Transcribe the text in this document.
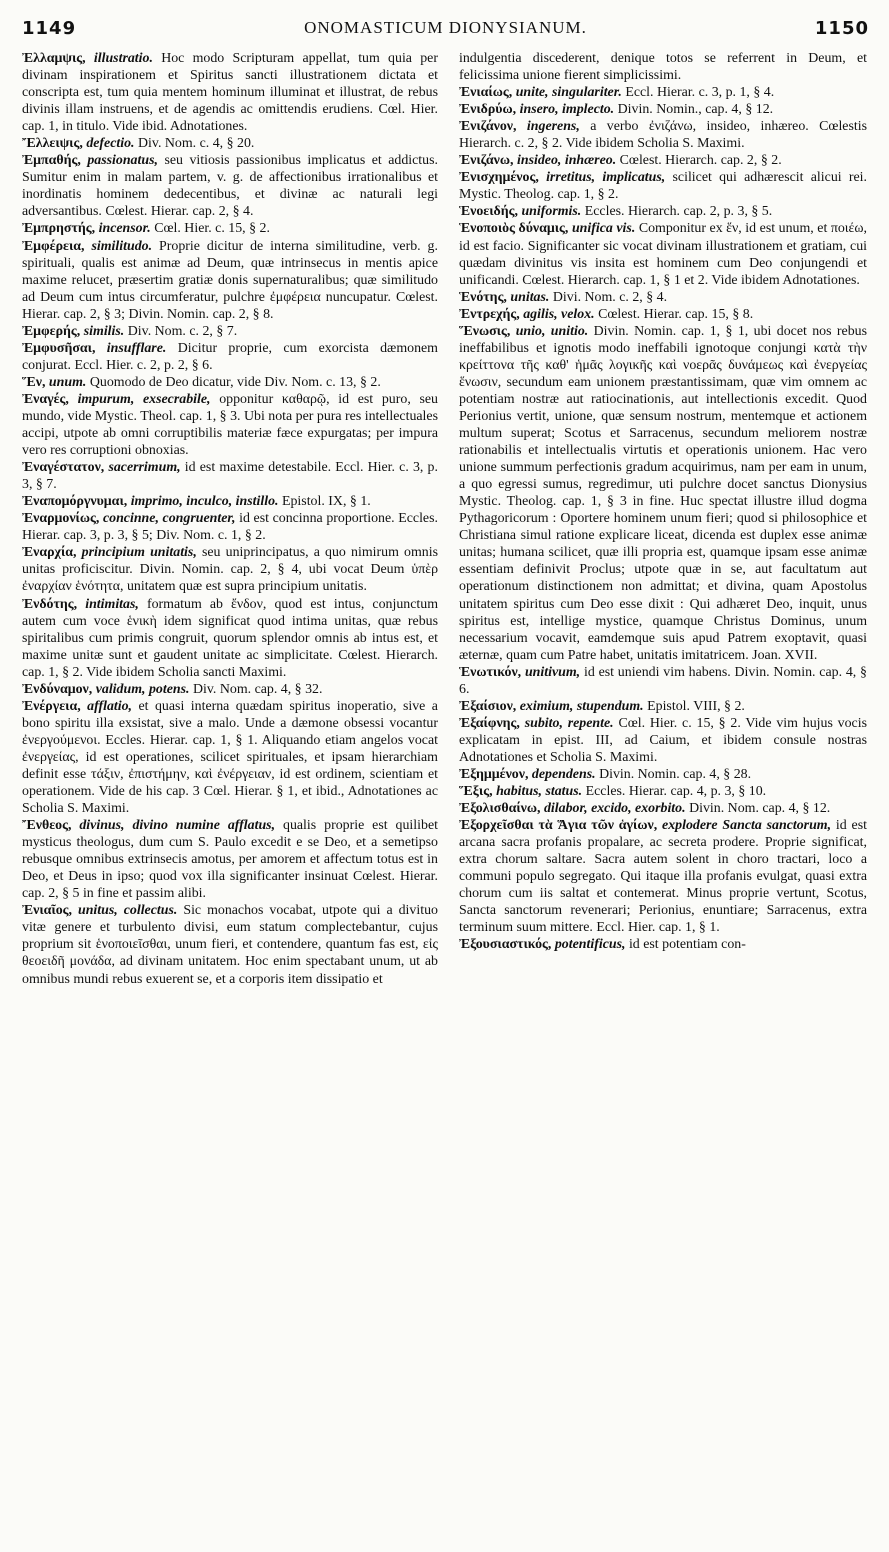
1149	ONOMASTICUM DIONYSIANUM.	1150

Ἐλλαμψις, illustratio. Hoc modo Scripturam appellat, tum quia per divinam inspirationem et Spiritus sancti illustrationem dictata et conscripta est, tum quia mentem hominum illuminat et illustrat, de rebus divinis illam instruens, et de agendis ac omittendis erudiens. Cœl. Hier. cap. 1, in titulo. Vide ibid. Adnotationes.

Ἔλλειψις, defectio. Div. Nom. c. 4, § 20.

Ἐμπαθής, passionatus, seu vitiosis passionibus implicatus et addictus. Sumitur enim in malam partem, v. g. de affectionibus irrationalibus et inordinatis hominem dedecentibus, et divinæ ac naturali legi adversantibus. Cœlest. Hierar. cap. 2, § 4.

Ἐμπρηστής, incensor. Cœl. Hier. c. 15, § 2.

Ἐμφέρεια, similitudo. Proprie dicitur de interna similitudine, verb. g. spirituali, qualis est animæ ad Deum, quæ intrinsecus in mentis apice maxime relucet, præsertim gratiæ donis supernaturalibus; quæ similitudo ad Deum cum intus circumferatur, pulchre ἐμφέρεια nuncupatur. Cœlest. Hierar. cap. 2, § 3; Divin. Nomin. cap. 2, § 8.

Ἐμφερής, similis. Div. Nom. c. 2, § 7.

Ἐμφυσῆσαι, insufflare. Dicitur proprie, cum exorcista dæmonem conjurat. Eccl. Hier. c. 2, p. 2, § 6.

Ἕν, unum. Quomodo de Deo dicatur, vide Div. Nom. c. 13, § 2.

Ἐναγές, impurum, exsecrabile, opponitur καθαρῷ, id est puro, seu mundo, vide Mystic. Theol. cap. 1, § 3. Ubi nota per pura res intellectuales accipi, utpote ab omni corruptibilis materiæ fæce expurgatas; per impura vero res corruptioni obnoxias.

Ἐναγέστατον, sacerrimum, id est maxime detestabile. Eccl. Hier. c. 3, p. 3, § 7.

Ἐναπομόργνυμαι, imprimo, inculco, instillo. Epistol. IX, § 1.

Ἐναρμονίως, concinne, congruenter, id est concinna proportione. Eccles. Hierar. cap. 3, p. 3, § 5; Div. Nom. c. 1, § 2.

Ἐναρχία, principium unitatis, seu uniprincipatus, a quo nimirum omnis unitas proficiscitur. Divin. Nomin. cap. 2, § 4, ubi vocat Deum ὑπὲρ ἐναρχίαν ἑνότητα, unitatem quæ est supra principium unitatis.

Ἐνδότης, intimitas, formatum ab ἔνδον, quod est intus, conjunctum autem cum voce ἑνικὴ idem significat quod intima unitas, quæ rebus spiritalibus cum primis congruit, quorum splendor omnis ab intus est, et maxime unitæ sunt et gaudent unitate ac simplicitate. Cœlest. Hierarch. cap. 1, § 2. Vide ibidem Scholia sancti Maximi.

Ἐνδύναμον, validum, potens. Div. Nom. cap. 4, § 32.

Ἐνέργεια, afflatio, et quasi interna quædam spiritus inoperatio, sive a bono spiritu illa exsistat, sive a malo. Unde a dæmone obsessi vocantur ἐνεργούμενοι. Eccles. Hierar. cap. 1, § 1. Aliquando etiam angelos vocat ἐνεργείας, id est operationes, scilicet spirituales, et ipsam hierarchiam definit esse τάξιν, ἐπιστήμην, καὶ ἐνέργειαν, id est ordinem, scientiam et operationem. Vide de his cap. 3 Cœl. Hierar. § 1, et ibid., Adnotationes ac Scholia S. Maximi.

Ἔνθεος, divinus, divino numine afflatus, qualis proprie est quilibet mysticus theologus, dum cum S. Paulo excedit e se Deo, et a semetipso rebusque omnibus extrinsecis amotus, per amorem et affectum totus est in Deo, et Deus in ipso; quod vox illa significanter insinuat Cœlest. Hierar. cap. 2, § 5 in fine et passim alibi.

Ἐνιαῖος, unitus, collectus. Sic monachos vocabat, utpote qui a divituo vitæ genere et turbulento divisi, eum statum complectebantur, cujus proprium sit ἑνοποιεῖσθαι, unum fieri, et contendere, quantum fas est, εἰς θεοειδῆ μονάδα, ad divinam unitatem. Hoc enim spectabant unum, ut ab omnibus mundi rebus exuerent se, et a corporis item dissipatio et

indulgentia discederent, denique totos se referrent in Deum, et felicissima unione fierent simplicissimi.

Ἐνιαίως, unite, singulariter. Eccl. Hierar. c. 3, p. 1, § 4.

Ἐνιδρύω, insero, implecto. Divin. Nomin., cap. 4, § 12.

Ἐνιζάνον, ingerens, a verbo ἐνιζάνω, insideo, inhæreo. Cœlestis Hierarch. c. 2, § 2. Vide ibidem Scholia S. Maximi.

Ἐνιζάνω, insideo, inhæreo. Cœlest. Hierarch. cap. 2, § 2.

Ἐνισχημένος, irretitus, implicatus, scilicet qui adhærescit alicui rei. Mystic. Theolog. cap. 1, § 2.

Ἑνοειδής, uniformis. Eccles. Hierarch. cap. 2, p. 3, § 5.

Ἑνοποιὸς δύναμις, unifica vis. Componitur ex ἕν, id est unum, et ποιέω, id est facio. Significanter sic vocat divinam illustrationem et gratiam, cui quædam divinitus vis insita est hominem cum Deo conjungendi et unificandi. Cœlest. Hierarch. cap. 1, § 1 et 2. Vide ibidem Adnotationes.

Ἑνότης, unitas. Divi. Nom. c. 2, § 4.

Ἐντρεχής, agilis, velox. Cœlest. Hierar. cap. 15, § 8.

Ἕνωσις, unio, unitio. Divin. Nomin. cap. 1, § 1, ubi docet nos rebus ineffabilibus et ignotis modo ineffabili ignotoque conjungi κατὰ τὴν κρείττονα τῆς καθ' ἡμᾶς λογικῆς καὶ νοερᾶς δυνάμεως καὶ ἐνεργείας ἕνωσιν, secundum eam unionem præstantissimam, quæ vim omnem ac potentiam nostræ aut ratiocinationis, aut intellectionis excedit. Quod Perionius vertit, unione, quæ sensum nostrum, mentemque et actionem multum superat; Scotus et Sarracenus, secundum meliorem nostræ rationabilis et intellectualis virtutis et operationis unionem. Hac vero unione summum perfectionis gradum acquirimus, nam per eam in unum, a quo egressi sumus, regredimur, uti pulchre docet sanctus Dionysius Mystic. Theolog. cap. 1, § 3 in fine. Huc spectat illustre illud dogma Pythagoricorum : Oportere hominem unum fieri; quod si philosophice et Christiana simul ratione explicare liceat, dicenda est duplex esse animæ unitas; humana scilicet, quæ illi propria est, quamque ipsam esse animæ essentiam definivit Proclus; utpote quæ in se, aut facultatum aut operationum distinctionem non admittat; et divina, quam Apostolus unitatem spiritus cum Deo esse dixit : Qui adhæret Deo, inquit, unus spiritus est, intellige mystice, quamque Christus Dominus, unum necessarium vocavit, eamdemque suis apud Patrem exoptavit, quasi æternæ, quam cum Patre habet, unitatis imitatricem. Joan. XVII.

Ἑνωτικόν, unitivum, id est uniendi vim habens. Divin. Nomin. cap. 4, § 6.

Ἐξαίσιον, eximium, stupendum. Epistol. VIII, § 2.

Ἐξαίφνης, subito, repente. Cœl. Hier. c. 15, § 2. Vide vim hujus vocis explicatam in epist. III, ad Caium, et ibidem consule nostras Adnotationes et Scholia S. Maximi.

Ἐξημμένον, dependens. Divin. Nomin. cap. 4, § 28.

Ἕξις, habitus, status. Eccles. Hierar. cap. 4, p. 3, § 10.

Ἐξολισθαίνω, dilabor, excido, exorbito. Divin. Nom. cap. 4, § 12.

Ἐξορχεῖσθαι τὰ Ἅγια τῶν ἁγίων, explodere Sancta sanctorum, id est arcana sacra profanis propalare, ac secreta prodere. Proprie significat, extra chorum saltare. Sacra autem solent in choro tractari, loco a communi populo segregato. Qui itaque illa profanis evulgat, quasi extra chorum cum iis saltat et contemerat. Minus proprie vertunt, Scotus, Sancta sanctorum revenerari; Perionius, enuntiare; Sarracenus, extra terminum suum mittere. Eccl. Hier. cap. 1, § 1.

Ἐξουσιαστικός, potentificus, id est potentiam con-
